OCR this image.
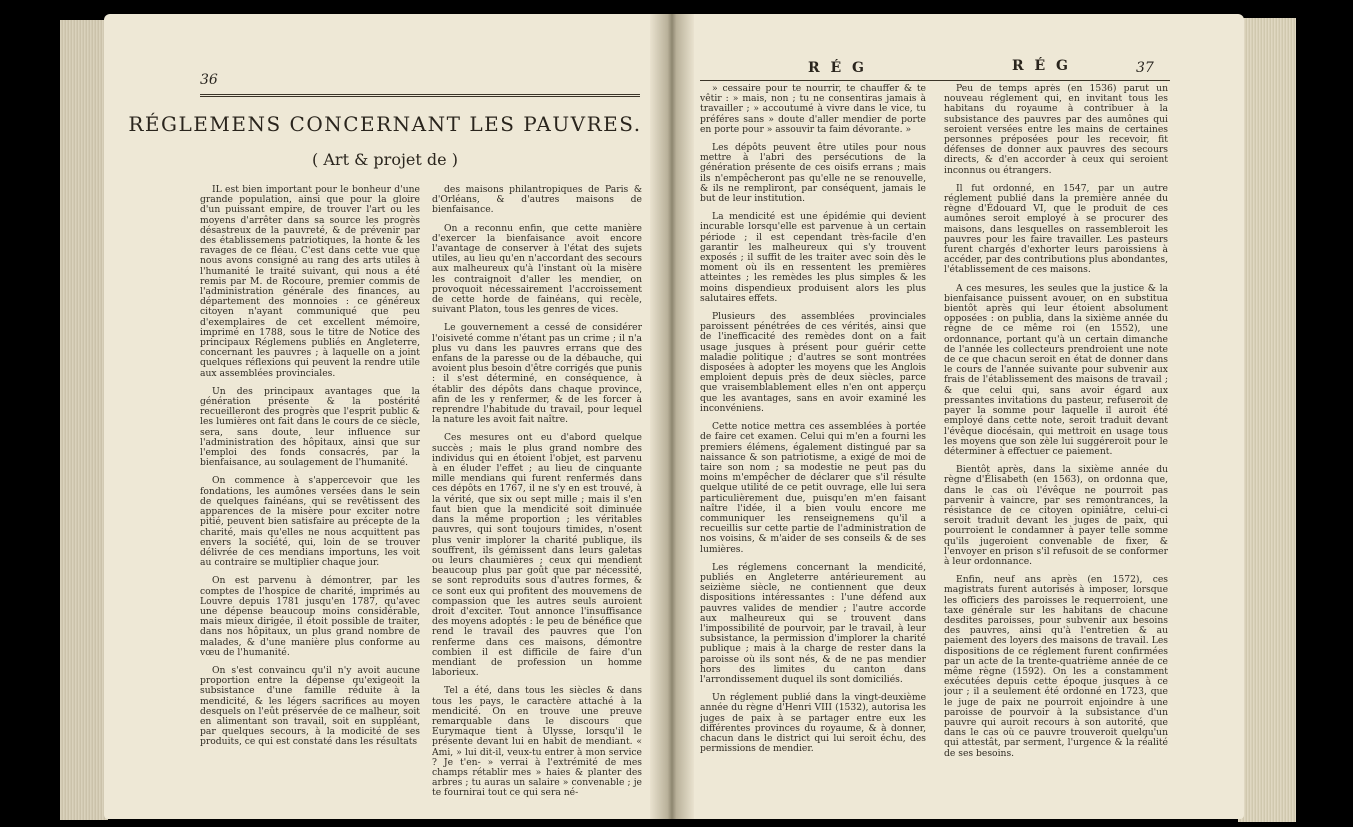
36
RÉGLEMENS CONCERNANT LES PAUVRES.
( Art & projet de )

IL est bien important pour le bonheur d'une grande population, ainsi que pour la gloire d'un puissant empire, de trouver l'art ou les moyens d'arrêter dans sa source les progrès désastreux de la pauvreté, & de prévenir par des établissemens patriotiques, la honte & les ravages de ce fléau. C'est dans cette vue que nous avons consigné au rang des arts utiles à l'humanité le traité suivant, qui nous a été remis par M. de Rocoure, premier commis de l'administration générale des finances, au département des monnoies : ce généreux citoyen n'ayant communiqué que peu d'exemplaires de cet excellent mémoire, imprimé en 1788, sous le titre de Notice des principaux Réglemens publiés en Angleterre, concernant les pauvres ; à laquelle on a joint quelques réflexions qui peuvent la rendre utile aux assemblées provinciales.

Un des principaux avantages que la génération présente & la postérité recueilleront des progrès que l'esprit public & les lumières ont fait dans le cours de ce siècle, sera, sans doute, leur influence sur l'administration des hôpitaux, ainsi que sur l'emploi des fonds consacrés, par la bienfaisance, au soulagement de l'humanité.

On commence à s'appercevoir que les fondations, les aumônes versées dans le sein de quelques fainéans, qui se revêtissent des apparences de la misère pour exciter notre pitié, peuvent bien satisfaire au précepte de la charité, mais qu'elles ne nous acquittent pas envers la société, qui, loin de se trouver délivrée de ces mendians importuns, les voit au contraire se multiplier chaque jour.

On est parvenu à démontrer, par les comptes de l'hospice de charité, imprimés au Louvre depuis 1781 jusqu'en 1787, qu'avec une dépense beaucoup moins considérable, mais mieux dirigée, il étoit possible de traiter, dans nos hôpitaux, un plus grand nombre de malades, & d'une manière plus conforme au vœu de l'humanité.

On s'est convaincu qu'il n'y avoit aucune proportion entre la dépense qu'exigeoit la subsistance d'une famille réduite à la mendicité, & les légers sacrifices au moyen desquels on l'eût préservée de ce malheur, soit en alimentant son travail, soit en suppléant, par quelques secours, à la modicité de ses produits, ce qui est constaté dans les résultats

des maisons philantropiques de Paris & d'Orléans, & d'autres maisons de bienfaisance.

On a reconnu enfin, que cette manière d'exercer la bienfaisance avoit encore l'avantage de conserver à l'état des sujets utiles, au lieu qu'en n'accordant des secours aux malheureux qu'à l'instant où la misère les contraignoit d'aller les mendier, on provoquoit nécessairement l'accroissement de cette horde de fainéans, qui recèle, suivant Platon, tous les genres de vices.

Le gouvernement a cessé de considérer l'oisiveté comme n'étant pas un crime ; il n'a plus vu dans les pauvres errans que des enfans de la paresse ou de la débauche, qui avoient plus besoin d'être corrigés que punis : il s'est déterminé, en conséquence, à établir des dépôts dans chaque province, afin de les y renfermer, & de les forcer à reprendre l'habitude du travail, pour lequel la nature les avoit fait naître.

Ces mesures ont eu d'abord quelque succès ; mais le plus grand nombre des individus qui en étoient l'objet, est parvenu à en éluder l'effet ; au lieu de cinquante mille mendians qui furent renfermés dans ces dépôts en 1767, il ne s'y en est trouvé, à la vérité, que six ou sept mille ; mais il s'en faut bien que la mendicité soit diminuée dans la même proportion ; les véritables pauvres, qui sont toujours timides, n'osent plus venir implorer la charité publique, ils souffrent, ils gémissent dans leurs galetas ou leurs chaumières ; ceux qui mendient beaucoup plus par goût que par nécessité, se sont reproduits sous d'autres formes, & ce sont eux qui profitent des mouvemens de compassion que les autres seuls auroient droit d'exciter. Tout annonce l'insuffisance des moyens adoptés : le peu de bénéfice que rend le travail des pauvres que l'on renferme dans ces maisons, démontre combien il est difficile de faire d'un mendiant de profession un homme laborieux.

Tel a été, dans tous les siècles & dans tous les pays, le caractère attaché à la mendicité. On en trouve une preuve remarquable dans le discours que Eurymaque tient à Ulysse, lorsqu'il le présente devant lui en habit de mendiant. « Ami, » lui dit-il, veux-tu entrer à mon service ? Je t'en- » verrai à l'extrémité de mes champs rétablir mes » haies & planter des arbres ; tu auras un salaire » convenable ; je te fournirai tout ce qui sera né-

R É G	R É G	37

» cessaire pour te nourrir, te chauffer & te vêtir : » mais, non ; tu ne consentiras jamais à travailler ; » accoutumé à vivre dans le vice, tu préféres sans » doute d'aller mendier de porte en porte pour » assouvir ta faim dévorante. »

Les dépôts peuvent être utiles pour nous mettre à l'abri des persécutions de la génération présente de ces oisifs errans ; mais ils n'empêcheront pas qu'elle ne se renouvelle, & ils ne rempliront, par conséquent, jamais le but de leur institution.

La mendicité est une épidémie qui devient incurable lorsqu'elle est parvenue à un certain période ; il est cependant très-facile d'en garantir les malheureux qui s'y trouvent exposés ; il suffit de les traiter avec soin dès le moment où ils en ressentent les premières atteintes ; les remèdes les plus simples & les moins dispendieux produisent alors les plus salutaires effets.

Plusieurs des assemblées provinciales paroissent pénétrées de ces vérités, ainsi que de l'inefficacité des remèdes dont on a fait usage jusques à présent pour guérir cette maladie politique ; d'autres se sont montrées disposées à adopter les moyens que les Anglois emploient depuis près de deux siècles, parce que vraisemblablement elles n'en ont apperçu que les avantages, sans en avoir examiné les inconvéniens.

Cette notice mettra ces assemblées à portée de faire cet examen. Celui qui m'en a fourni les premiers élémens, également distingué par sa naissance & son patriotisme, a exigé de moi de taire son nom ; sa modestie ne peut pas du moins m'empêcher de déclarer que s'il résulte quelque utilité de ce petit ouvrage, elle lui sera particulièrement due, puisqu'en m'en faisant naître l'idée, il a bien voulu encore me communiquer les renseignemens qu'il a recueillis sur cette partie de l'administration de nos voisins, & m'aider de ses conseils & de ses lumières.

Les réglemens concernant la mendicité, publiés en Angleterre antérieurement au seizième siècle, ne contiennent que deux dispositions intéressantes : l'une défend aux pauvres valides de mendier ; l'autre accorde aux malheureux qui se trouvent dans l'impossibilité de pourvoir, par le travail, à leur subsistance, la permission d'implorer la charité publique ; mais à la charge de rester dans la paroisse où ils sont nés, & de ne pas mendier hors des limites du canton dans l'arrondissement duquel ils sont domiciliés.

Un réglement publié dans la vingt-deuxième année du règne d'Henri VIII (1532), autorisa les juges de paix à se partager entre eux les différentes provinces du royaume, & à donner, chacun dans le district qui lui seroit échu, des permissions de mendier.

Peu de temps après (en 1536) parut un nouveau réglement qui, en invitant tous les habitans du royaume à contribuer à la subsistance des pauvres par des aumônes qui seroient versées entre les mains de certaines personnes préposées pour les recevoir, fit défenses de donner aux pauvres des secours directs, & d'en accorder à ceux qui seroient inconnus ou étrangers.

Il fut ordonné, en 1547, par un autre réglement publié dans la première année du règne d'Édouard VI, que le produit de ces aumônes seroit employé à se procurer des maisons, dans lesquelles on rassembleroit les pauvres pour les faire travailler. Les pasteurs furent chargés d'exhorter leurs paroissiens à accéder, par des contributions plus abondantes, l'établissement de ces maisons.

A ces mesures, les seules que la justice & la bienfaisance puissent avouer, on en substitua bientôt après qui leur étoient absolument opposées : on publia, dans la sixième année du règne de ce même roi (en 1552), une ordonnance, portant qu'à un certain dimanche de l'année les collecteurs prendroient une note de ce que chacun seroit en état de donner dans le cours de l'année suivante pour subvenir aux frais de l'établissement des maisons de travail ; & que celui qui, sans avoir égard aux pressantes invitations du pasteur, refuseroit de payer la somme pour laquelle il auroit été employé dans cette note, seroit traduit devant l'évêque diocésain, qui mettroit en usage tous les moyens que son zèle lui suggéreroit pour le déterminer à effectuer ce paiement.

Bientôt après, dans la sixième année du règne d'Élisabeth (en 1563), on ordonna que, dans le cas où l'évêque ne pourroit pas parvenir à vaincre, par ses remontrances, la résistance de ce citoyen opiniâtre, celui-ci seroit traduit devant les juges de paix, qui pourroient le condamner à payer telle somme qu'ils jugeroient convenable de fixer, & l'envoyer en prison s'il refusoit de se conformer à leur ordonnance.

Enfin, neuf ans après (en 1572), ces magistrats furent autorisés à imposer, lorsque les officiers des paroisses le requerroient, une taxe générale sur les habitans de chacune desdites paroisses, pour subvenir aux besoins des pauvres, ainsi qu'à l'entretien & au paiement des loyers des maisons de travail. Les dispositions de ce réglement furent confirmées par un acte de la trente-quatrième année de ce même règne (1592). On les a constamment exécutées depuis cette époque jusques à ce jour ; il a seulement été ordonné en 1723, que le juge de paix ne pourroit enjoindre à une paroisse de pourvoir à la subsistance d'un pauvre qui auroit recours à son autorité, que dans le cas où ce pauvre trouveroit quelqu'un qui attestât, par serment, l'urgence & la réalité de ses besoins.
